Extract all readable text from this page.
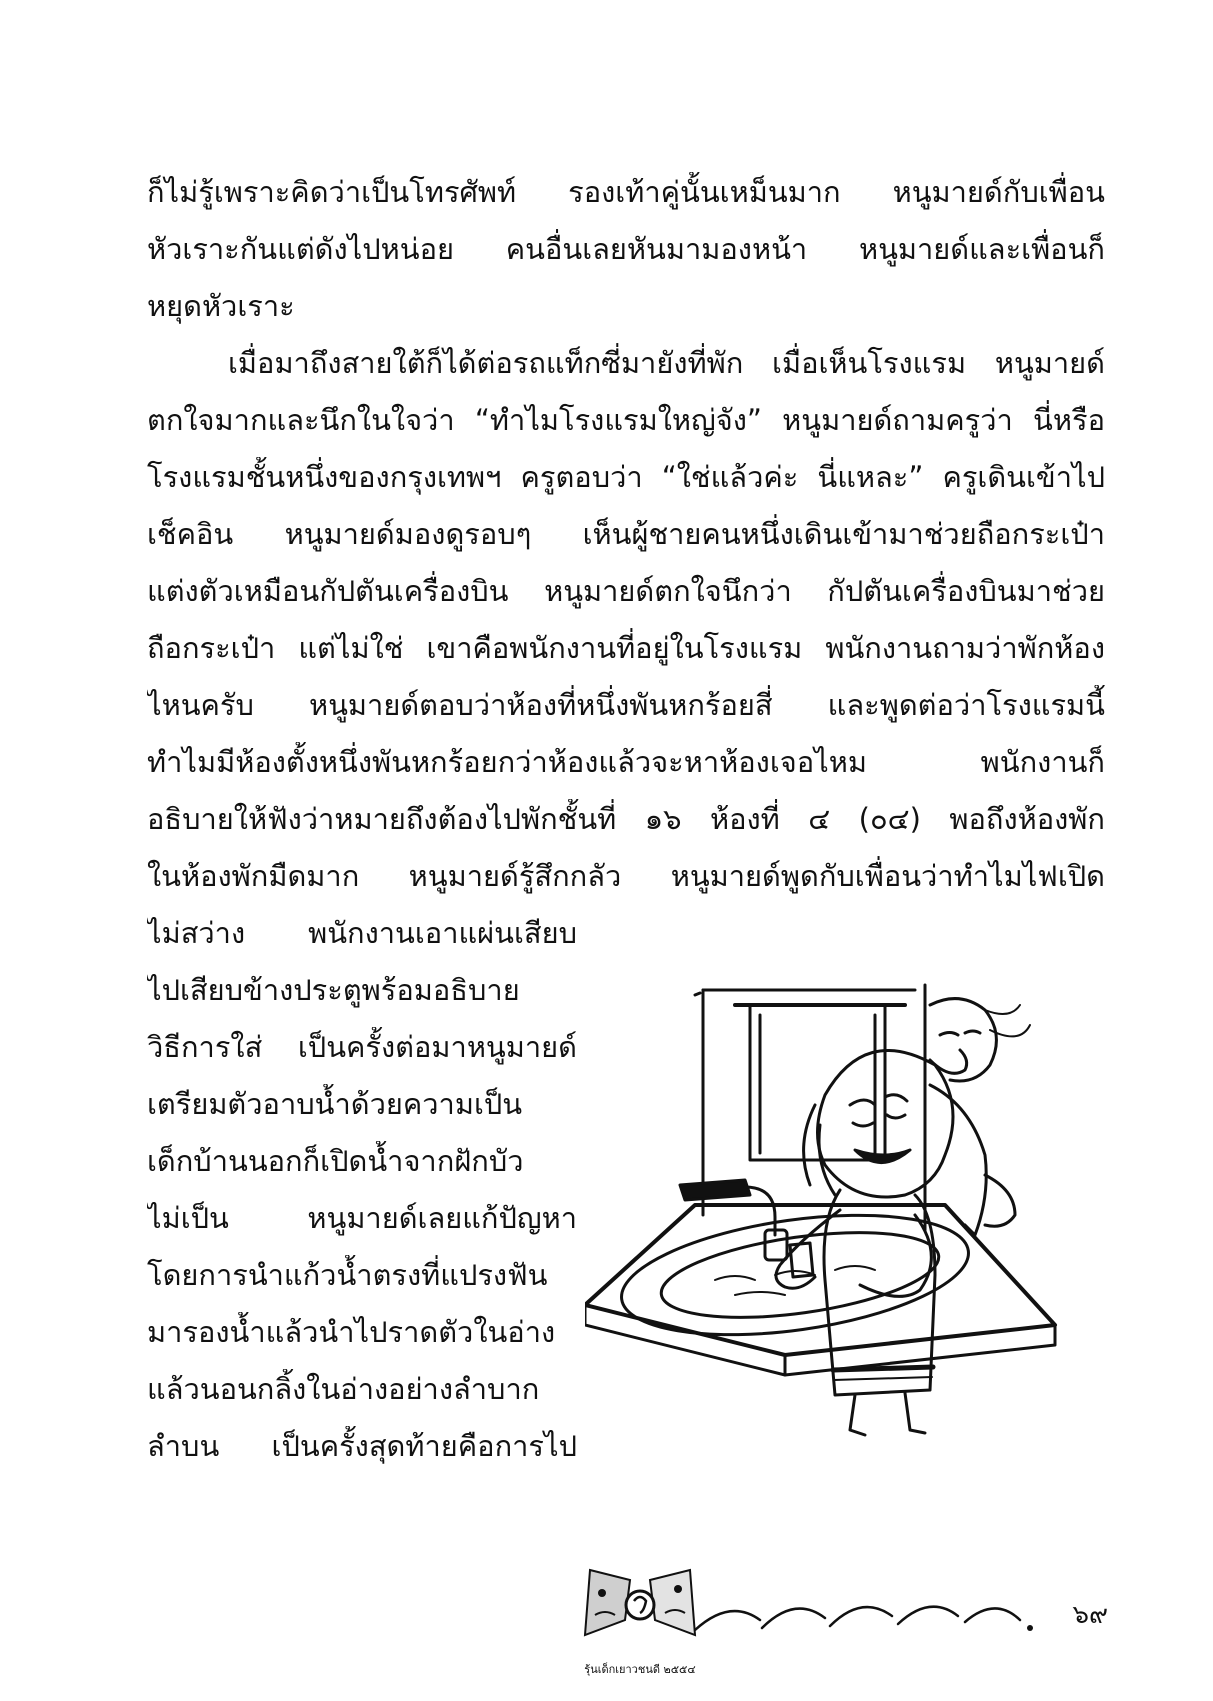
ก็ไม่รู้เพราะคิดว่าเป็นโทรศัพท์ รองเท้าคู่นั้นเหม็นมาก หนูมายด์กับเพื่อน
หัวเราะกันแต่ดังไปหน่อย คนอื่นเลยหันมามองหน้า หนูมายด์และเพื่อนก็
หยุดหัวเราะ
เมื่อมาถึงสายใต้ก็ได้ต่อรถแท็กซี่มายังที่พัก เมื่อเห็นโรงแรม หนูมายด์
ตกใจมากและนึกในใจว่า “ทำไมโรงแรมใหญ่จัง” หนูมายด์ถามครูว่า นี่หรือ
โรงแรมชั้นหนึ่งของกรุงเทพฯ ครูตอบว่า “ใช่แล้วค่ะ นี่แหละ” ครูเดินเข้าไป
เช็คอิน หนูมายด์มองดูรอบๆ เห็นผู้ชายคนหนึ่งเดินเข้ามาช่วยถือกระเป๋า
แต่งตัวเหมือนกัปตันเครื่องบิน หนูมายด์ตกใจนึกว่า กัปตันเครื่องบินมาช่วย
ถือกระเป๋า แต่ไม่ใช่ เขาคือพนักงานที่อยู่ในโรงแรม พนักงานถามว่าพักห้อง
ไหนครับ หนูมายด์ตอบว่าห้องที่หนึ่งพันหกร้อยสี่ และพูดต่อว่าโรงแรมนี้
ทำไมมีห้องตั้งหนึ่งพันหกร้อยกว่าห้องแล้วจะหาห้องเจอไหม พนักงานก็
อธิบายให้ฟังว่าหมายถึงต้องไปพักชั้นที่ ๑๖ ห้องที่ ๔ (๐๔) พอถึงห้องพัก
ในห้องพักมืดมาก หนูมายด์รู้สึกกลัว หนูมายด์พูดกับเพื่อนว่าทำไมไฟเปิด
ไม่สว่าง พนักงานเอาแผ่นเสียบ
ไปเสียบข้างประตูพร้อมอธิบาย
วิธีการใส่ เป็นครั้งต่อมาหนูมายด์
เตรียมตัวอาบน้ำด้วยความเป็น
เด็กบ้านนอกก็เปิดน้ำจากฝักบัว
ไม่เป็น หนูมายด์เลยแก้ปัญหา
โดยการนำแก้วน้ำตรงที่แปรงฟัน
มารองน้ำแล้วนำไปราดตัวในอ่าง
แล้วนอนกลิ้งในอ่างอย่างลำบาก
ลำบน เป็นครั้งสุดท้ายคือการไป
รุ้นเด็กเยาวชนดี ๒๕๕๔
๖๙
